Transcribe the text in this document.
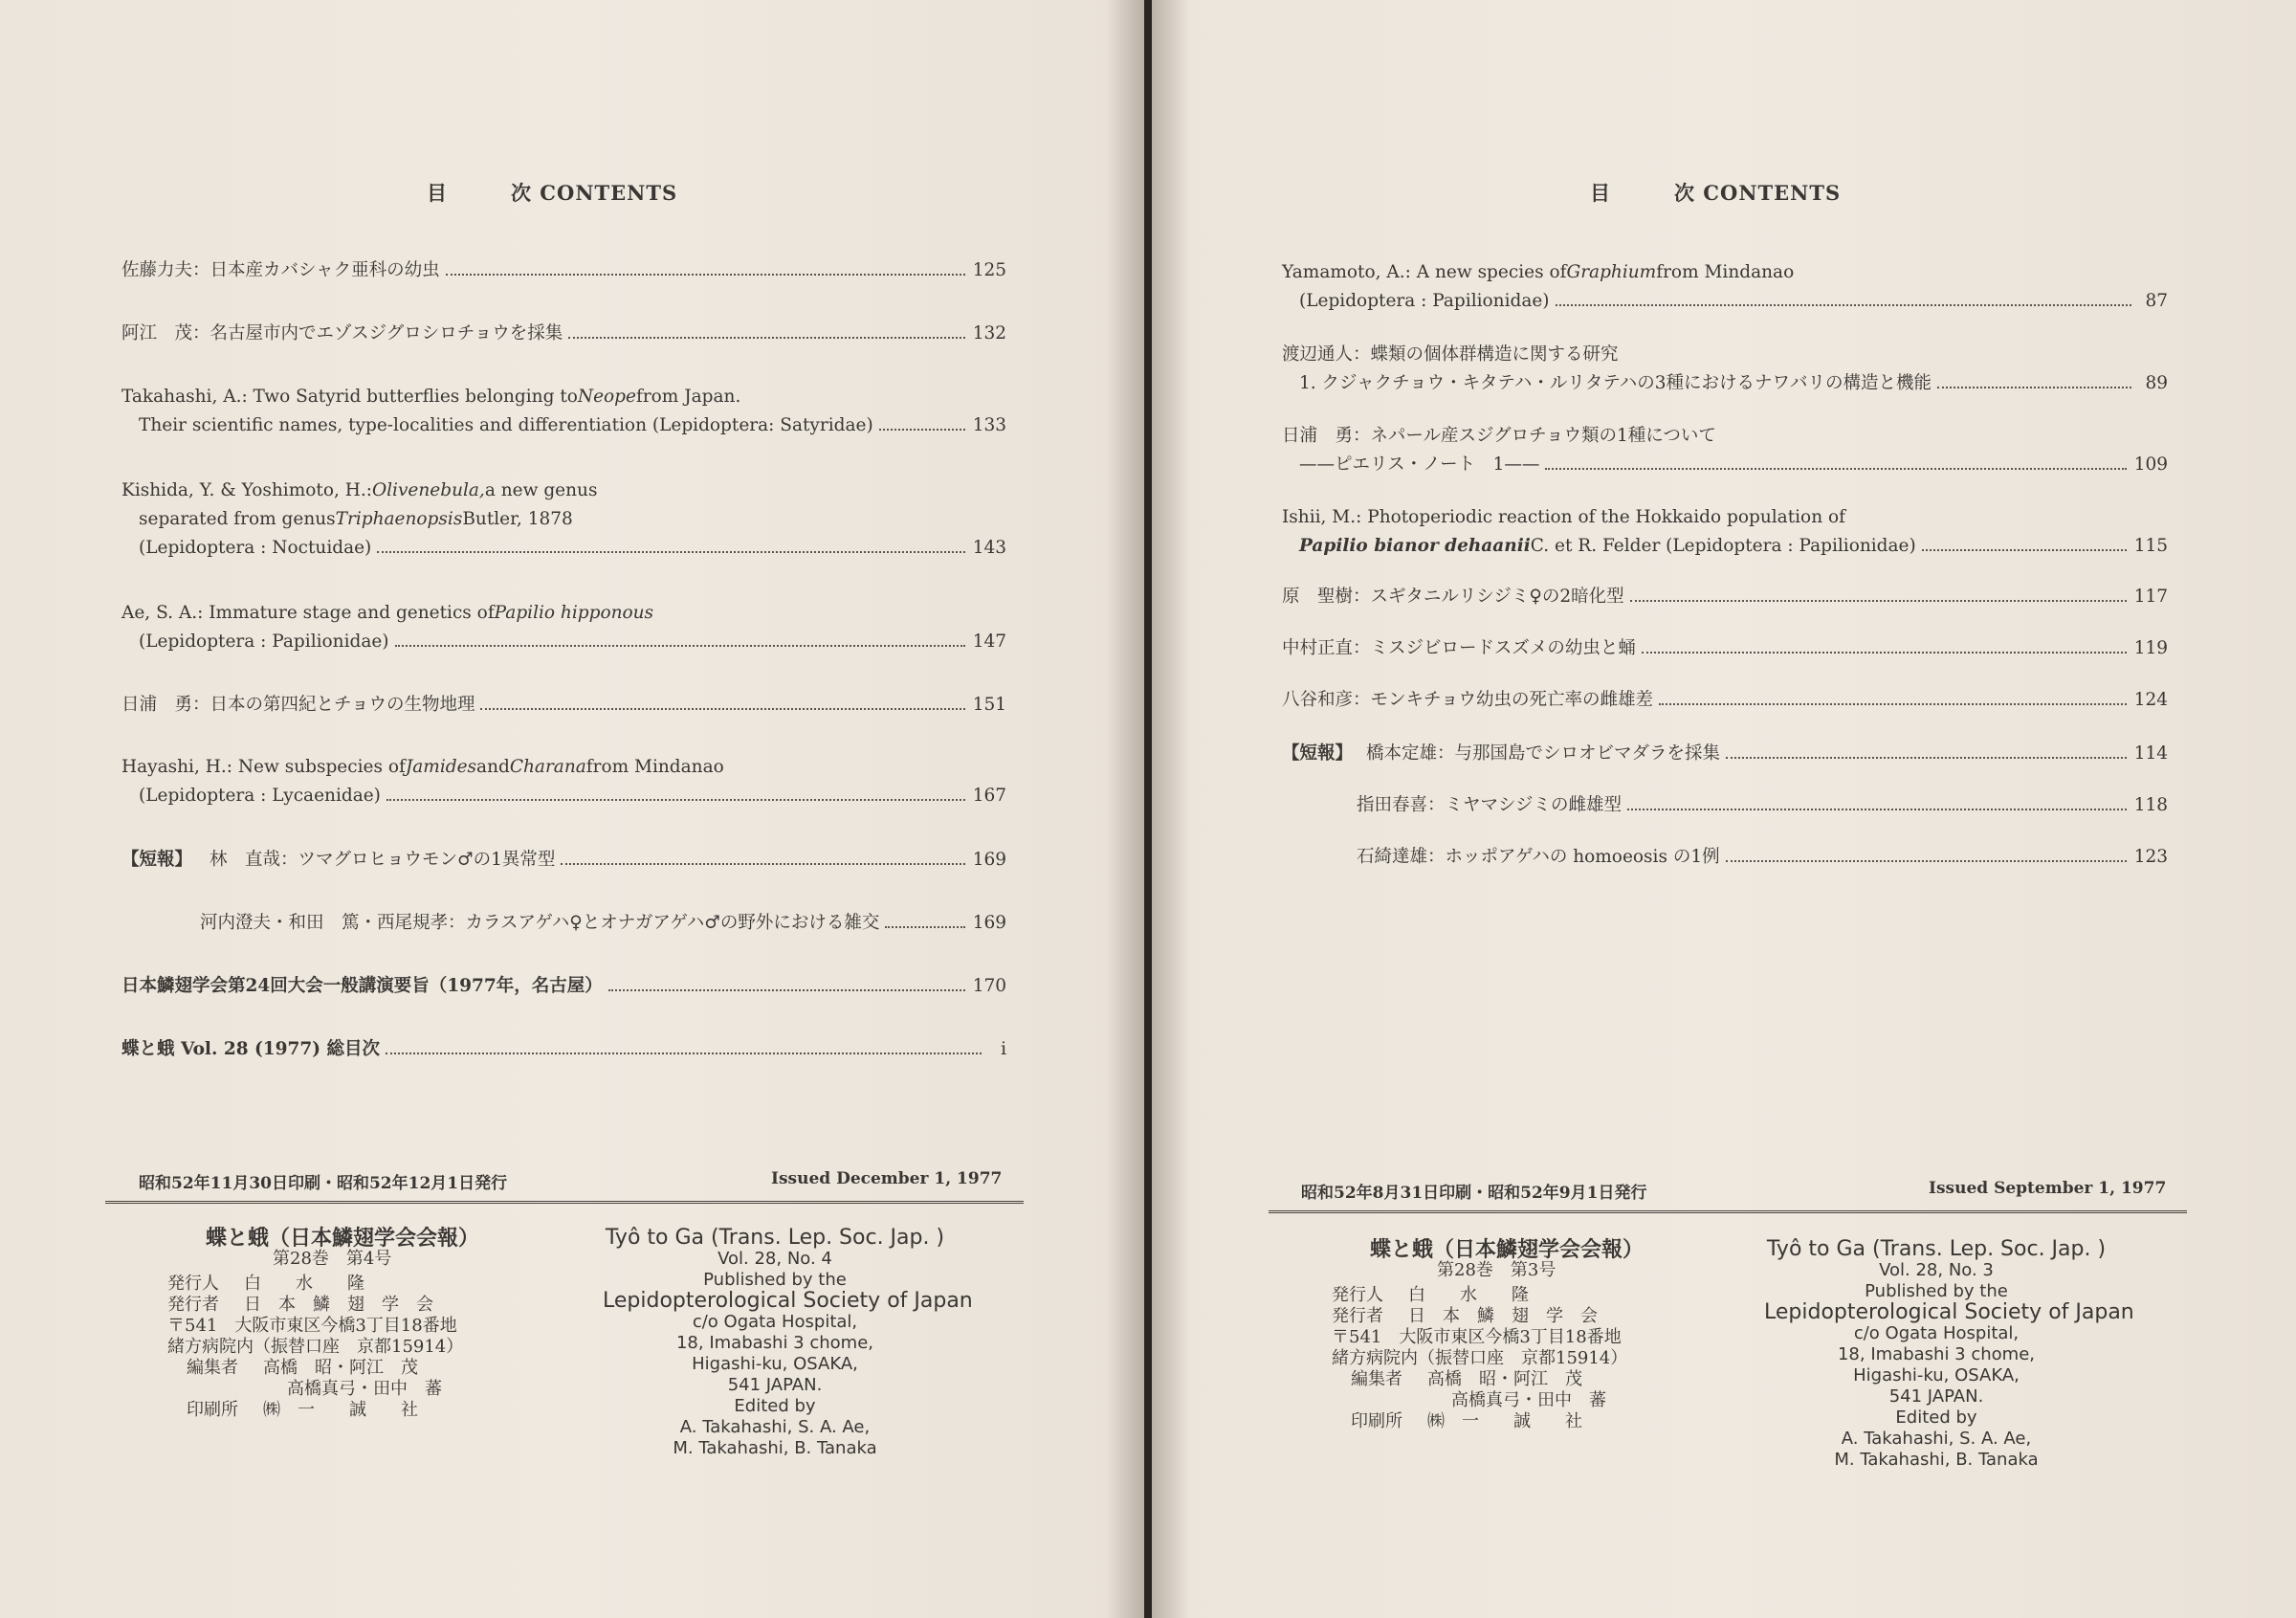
目　　　次 CONTENTS
佐藤力夫：日本産カバシャク亜科の幼虫	125
阿江　茂：名古屋市内でエゾスジグロシロチョウを採集	132
Takahashi, A.: Two Satyrid butterflies belonging to Neope from Japan.
Their scientific names, type-localities and differentiation (Lepidoptera: Satyridae)	133
Kishida, Y. & Yoshimoto, H.: Olivenebula, a new genus
separated from genus Triphaenopsis Butler, 1878
(Lepidoptera : Noctuidae)	143
Ae, S. A.: Immature stage and genetics of Papilio hipponous
(Lepidoptera : Papilionidae)	147
日浦　勇：日本の第四紀とチョウの生物地理	151
Hayashi, H.: New subspecies of Jamides and Charana from Mindanao
(Lepidoptera : Lycaenidae)	167
【短報】 林　直哉：ツマグロヒョウモン♂の1異常型	169
河内澄夫・和田　篤・西尾規孝：カラスアゲハ♀とオナガアゲハ♂の野外における雑交	169
日本鱗翅学会第24回大会一般講演要旨（1977年，名古屋）	170
蝶と蛾 Vol. 28 (1977) 総目次	i
昭和52年11月30日印刷・昭和52年12月1日発行	Issued December 1, 1977
蝶と蛾（日本鱗翅学会会報）
第28巻　第4号
発行人 白　　水　　隆
発行者 日　本　鱗　翅　学　会
〒541　大阪市東区今橋3丁目18番地
緒方病院内（振替口座　京都15914）
編集者 高橋　昭・阿江　茂
高橋真弓・田中　蕃
印刷所 ㈱　一　　誠　　社
Tyô to Ga (Trans. Lep. Soc. Jap. )
Vol. 28, No. 4
Published by the
Lepidopterological Society of Japan
c/o Ogata Hospital,
18, Imabashi 3 chome,
Higashi-ku, OSAKA,
541 JAPAN.
Edited by
A. Takahashi, S. A. Ae,
M. Takahashi, B. Tanaka
目　　　次 CONTENTS
Yamamoto, A.: A new species of Graphium from Mindanao
(Lepidoptera : Papilionidae)	87
渡辺通人：蝶類の個体群構造に関する研究
1. クジャクチョウ・キタテハ・ルリタテハの3種におけるナワバリの構造と機能	89
日浦　勇：ネパール産スジグロチョウ類の1種について
——ピエリス・ノート　1——	109
Ishii, M.: Photoperiodic reaction of the Hokkaido population of
Papilio bianor dehaanii C. et R. Felder (Lepidoptera : Papilionidae)	115
原　聖樹：スギタニルリシジミ♀の2暗化型	117
中村正直：ミスジビロードスズメの幼虫と蛹	119
八谷和彦：モンキチョウ幼虫の死亡率の雌雄差	124
【短報】 橋本定雄：与那国島でシロオビマダラを採集	114
指田春喜：ミヤマシジミの雌雄型	118
石綺達雄：ホッポアゲハの homoeosis の1例	123
昭和52年8月31日印刷・昭和52年9月1日発行	Issued September 1, 1977
蝶と蛾（日本鱗翅学会会報）
第28巻　第3号
発行人 白　　水　　隆
発行者 日　本　鱗　翅　学　会
〒541　大阪市東区今橋3丁目18番地
緒方病院内（振替口座　京都15914）
編集者 高橋　昭・阿江　茂
高橋真弓・田中　蕃
印刷所 ㈱　一　　誠　　社
Tyô to Ga (Trans. Lep. Soc. Jap. )
Vol. 28, No. 3
Published by the
Lepidopterological Society of Japan
c/o Ogata Hospital,
18, Imabashi 3 chome,
Higashi-ku, OSAKA,
541 JAPAN.
Edited by
A. Takahashi, S. A. Ae,
M. Takahashi, B. Tanaka
